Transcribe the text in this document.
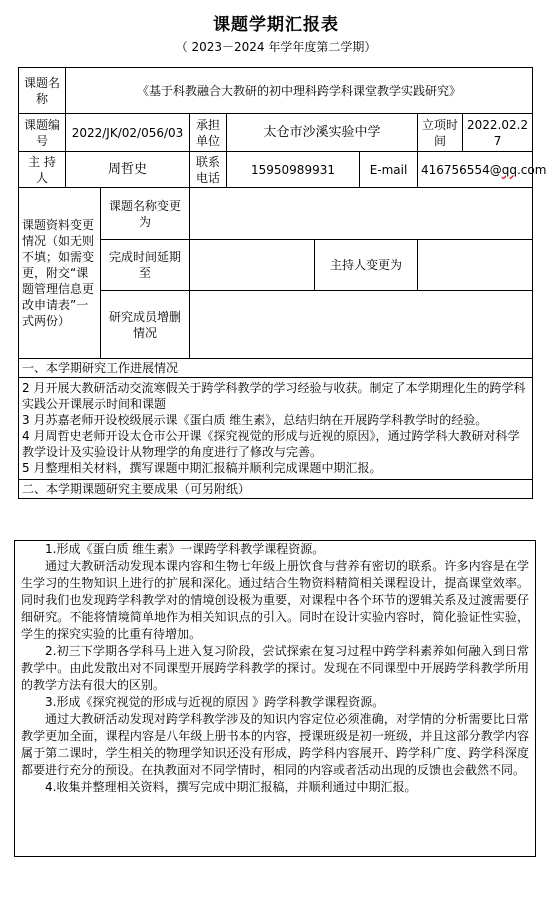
课题学期汇报表
（ 2023－2024 年学年度第二学期）
课题名称	《基于科教融合大教研的初中理科跨学科课堂教学实践研究》							
课题编号	2022/JK/02/056/03		承担单位	太仓市沙溪实验中学			立项时间	2022.02.27
主 持 人	周哲史		联系电话	15950989931		E-mail	416756554@qq.com	
课题资料变更情况（如无则不填；如需变更，附交“课题管理信息更改申请表”一式两份）		课题名称变更为						
		完成时间延期至			主持人变更为			
		研究成员增删情况						
一、本学期研究工作进展情况								

2 月开展大教研活动交流寒假关于跨学科教学的学习经验与收获。制定了本学期理化生的跨学科实践公开课展示时间和课题

3 月苏嘉老师开设校级展示课《蛋白质 维生素》，总结归纳在开展跨学科教学时的经验。

4 月周哲史老师开设太仓市公开课《探究视觉的形成与近视的原因》，通过跨学科大教研对科学教学设计及实验设计从物理学的角度进行了修改与完善。

5 月整理相关材料，撰写课题中期汇报稿并顺利完成课题中期汇报。								

二、本学期课题研究主要成果（可另附纸）								

1.形成《蛋白质 维生素》一课跨学科教学课程资源。

通过大教研活动发现本课内容和生物七年级上册饮食与营养有密切的联系。许多内容是在学生学习的生物知识上进行的扩展和深化。通过结合生物资料精简相关课程设计，提高课堂效率。同时我们也发现跨学科教学对的情境创设极为重要，对课程中各个环节的逻辑关系及过渡需要仔细研究。不能将情境简单地作为相关知识点的引入。同时在设计实验内容时，简化验证性实验，学生的探究实验的比重有待增加。

2.初三下学期各学科马上进入复习阶段，尝试探索在复习过程中跨学科素养如何融入到日常教学中。由此发散出对不同课型开展跨学科教学的探讨。发现在不同课型中开展跨学科教学所用的教学方法有很大的区别。

3.形成《探究视觉的形成与近视的原因 》跨学科教学课程资源。

通过大教研活动发现对跨学科教学涉及的知识内容定位必须准确，对学情的分析需要比日常教学更加全面，课程内容是八年级上册书本的内容，授课班级是初一班级，并且这部分教学内容属于第二课时，学生相关的物理学知识还没有形成，跨学科内容展开、跨学科广度、跨学科深度都要进行充分的预设。在执教面对不同学情时，相同的内容或者活动出现的反馈也会截然不同。

4.收集并整理相关资料，撰写完成中期汇报稿，并顺利通过中期汇报。
